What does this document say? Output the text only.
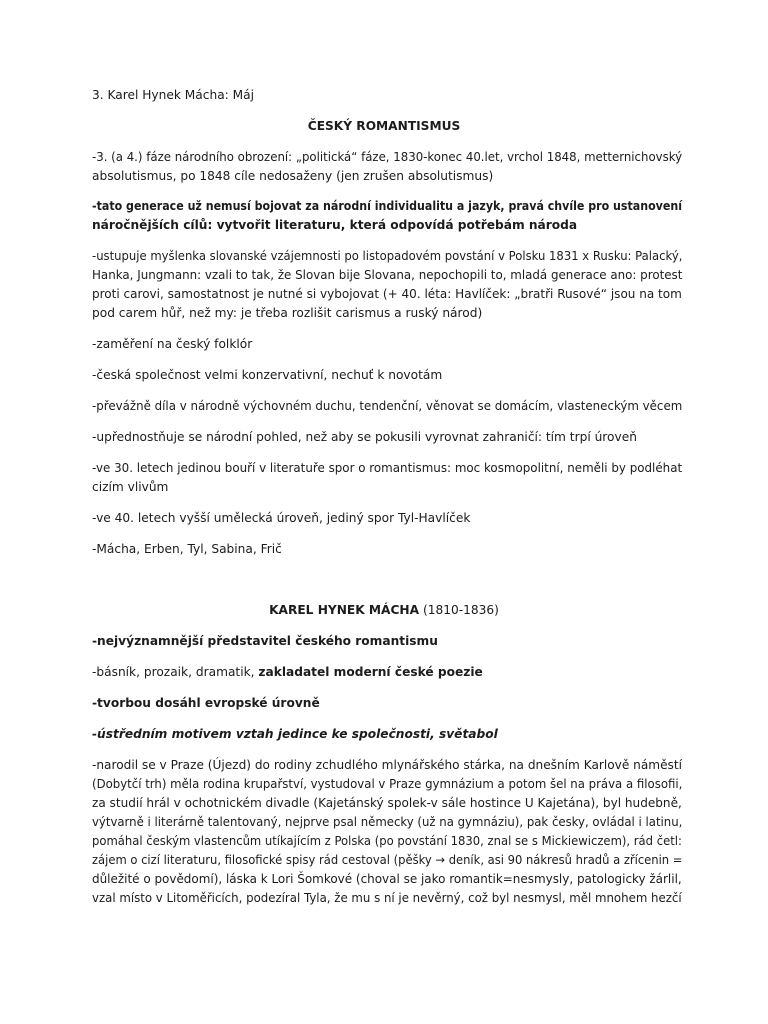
3. Karel Hynek Mácha: Máj

ČESKÝ ROMANTISMUS

-3. (a 4.) fáze národního obrození: „politická“ fáze, 1830-konec 40.let, vrchol 1848, metternichovský

absolutismus, po 1848 cíle nedosaženy (jen zrušen absolutismus)

-tato generace už nemusí bojovat za národní individualitu a jazyk, pravá chvíle pro ustanovení

náročnějších cílů: vytvořit literaturu, která odpovídá potřebám národa

-ustupuje myšlenka slovanské vzájemnosti po listopadovém povstání v Polsku 1831 x Rusku: Palacký,

Hanka, Jungmann: vzali to tak, že Slovan bije Slovana, nepochopili to, mladá generace ano: protest

proti carovi, samostatnost je nutné si vybojovat (+ 40. léta: Havlíček: „bratři Rusové“ jsou na tom

pod carem hůř, než my: je třeba rozlišit carismus a ruský národ)

-zaměření na český folklór

-česká společnost velmi konzervativní, nechuť k novotám

-převážně díla v národně výchovném duchu, tendenční, věnovat se domácím, vlasteneckým věcem

-upřednostňuje se národní pohled, než aby se pokusili vyrovnat zahraničí: tím trpí úroveň

-ve 30. letech jedinou bouří v literatuře spor o romantismus: moc kosmopolitní, neměli by podléhat

cizím vlivům

-ve 40. letech vyšší umělecká úroveň, jediný spor Tyl-Havlíček

-Mácha, Erben, Tyl, Sabina, Frič

KAREL HYNEK MÁCHA (1810-1836)

-nejvýznamnější představitel českého romantismu

-básník, prozaik, dramatik, zakladatel moderní české poezie

-tvorbou dosáhl evropské úrovně

-ústředním motivem vztah jedince ke společnosti, světabol

-narodil se v Praze (Újezd) do rodiny zchudlého mlynářského stárka, na dnešním Karlově náměstí

(Dobytčí trh) měla rodina krupařství, vystudoval v Praze gymnázium a potom šel na práva a filosofii,

za studií hrál v ochotnickém divadle (Kajetánský spolek-v sále hostince U Kajetána), byl hudebně,

výtvarně i literárně talentovaný, nejprve psal německy (už na gymnáziu), pak česky, ovládal i latinu,

pomáhal českým vlastencům utíkajícím z Polska (po povstání 1830, znal se s Mickiewiczem), rád četl:

zájem o cizí literaturu, filosofické spisy rád cestoval (pěšky → deník, asi 90 nákresů hradů a zřícenin =

důležité o povědomí), láska k Lori Šomkové (choval se jako romantik=nesmysly, patologicky žárlil,

vzal místo v Litoměřicích, podezíral Tyla, že mu s ní je nevěrný, což byl nesmysl, měl mnohem hezčí
